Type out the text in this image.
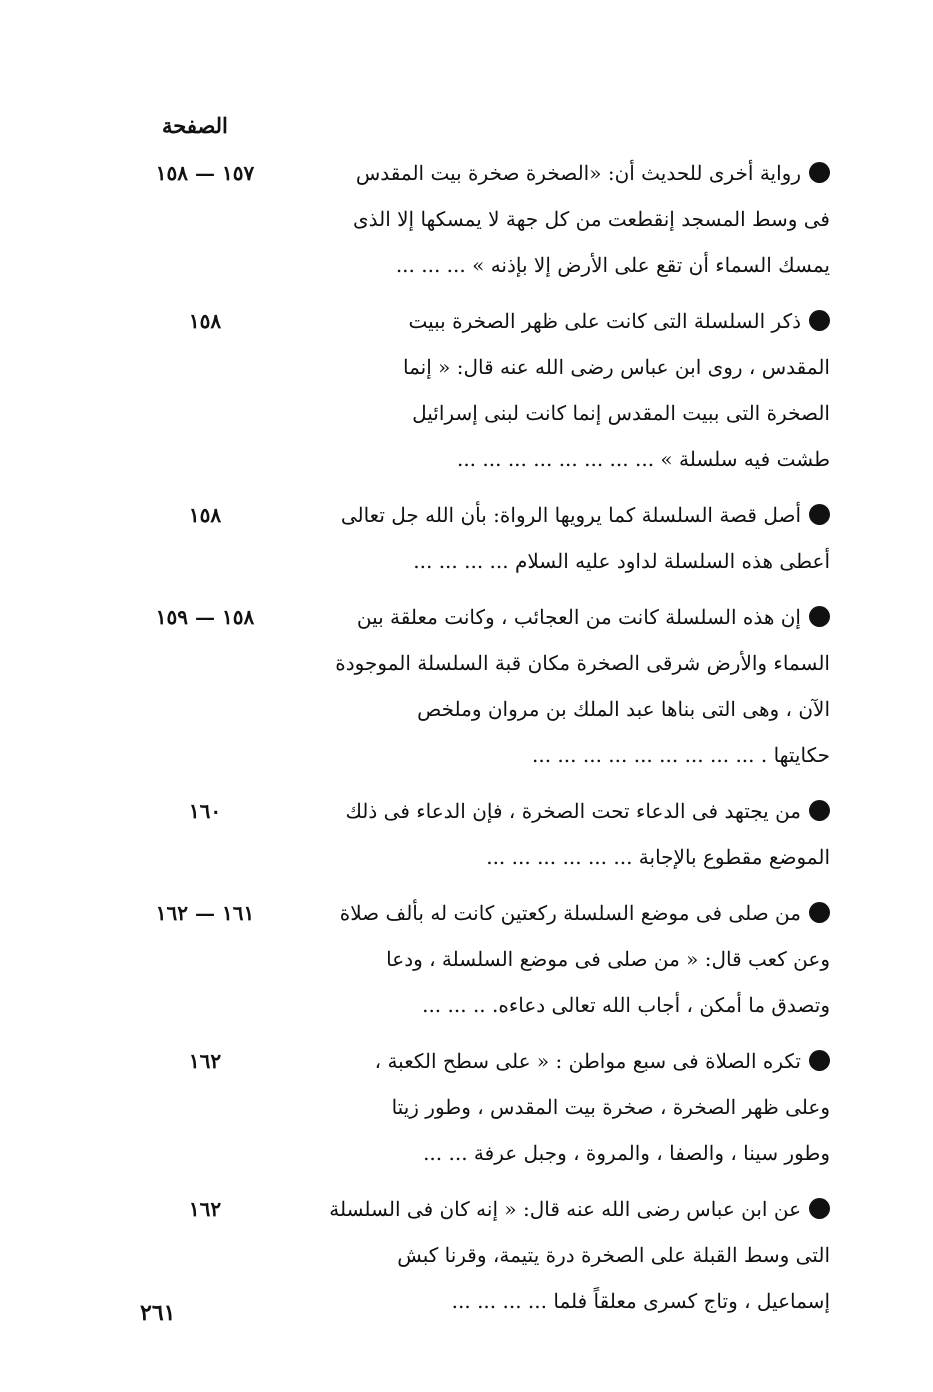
الصفحة
١٥٧ — ١٥٨	رواية أخرى للحديث أن: «الصخرة صخرة بيت المقدس
فى وسط المسجد إنقطعت من كل جهة لا يمسكها إلا الذى
يمسك السماء أن تقع على الأرض إلا بإذنه » ... ... ...
١٥٨	ذكر السلسلة التى كانت على ظهر الصخرة ببيت
المقدس ، روى ابن عباس رضى الله عنه قال: « إنما
الصخرة التى ببيت المقدس إنما كانت لبنى إسرائيل
طشت فيه سلسلة » ... ... ... ... ... ... ... ...
١٥٨	أصل قصة السلسلة كما يرويها الرواة: بأن الله جل تعالى
أعطى هذه السلسلة لداود عليه السلام ... ... ... ...
١٥٨ — ١٥٩	إن هذه السلسلة كانت من العجائب ، وكانت معلقة بين
السماء والأرض شرقى الصخرة مكان قبة السلسلة الموجودة
الآن ، وهى التى بناها عبد الملك بن مروان وملخص
حكايتها . ... ... ... ... ... ... ... ... ...
١٦٠	من يجتهد فى الدعاء تحت الصخرة ، فإن الدعاء فى ذلك
الموضع مقطوع بالإجابة ... ... ... ... ... ...
١٦١ — ١٦٢	من صلى فى موضع السلسلة ركعتين كانت له بألف صلاة
وعن كعب قال: « من صلى فى موضع السلسلة ، ودعا
وتصدق ما أمكن ، أجاب الله تعالى دعاءه. .. ... ...
١٦٢	تكره الصلاة فى سبع مواطن : « على سطح الكعبة ،
وعلى ظهر الصخرة ، صخرة بيت المقدس ، وطور زيتا
وطور سينا ، والصفا ، والمروة ، وجبل عرفة ... ...
١٦٢	عن ابن عباس رضى الله عنه قال: « إنه كان فى السلسلة
التى وسط القبلة على الصخرة درة يتيمة، وقرنا كبش
إسماعيل ، وتاج كسرى معلقاً فلما ... ... ... ...
٢٦١
